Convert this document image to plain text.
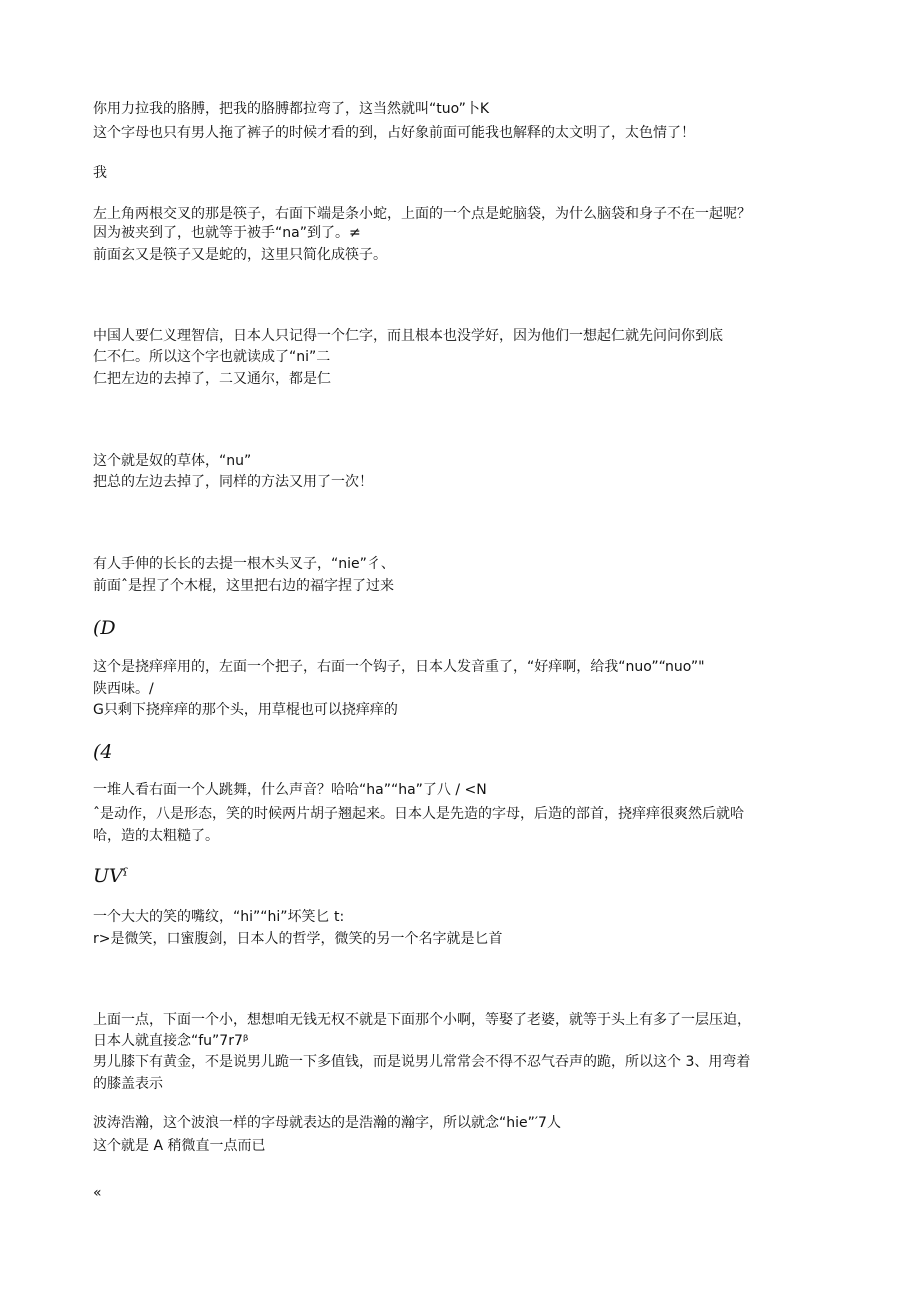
你用力拉我的胳膊，把我的胳膊都拉弯了，这当然就叫“tuo”卜K
这个字母也只有男人拖了裤子的时候才看的到，占好象前面可能我也解释的太文明了，太色情了！
我
左上角两根交叉的那是筷子，右面下端是条小蛇，上面的一个点是蛇脑袋，为什么脑袋和身子不在一起呢？
因为被夹到了，也就等于被手“na”到了。≠
前面玄又是筷子又是蛇的，这里只简化成筷子。
中国人要仁义理智信，日本人只记得一个仁字，而且根本也没学好，因为他们一想起仁就先问问你到底
仁不仁。所以这个字也就读成了“ni”二
仁把左边的去掉了，二又通尔，都是仁
这个就是奴的草体，“nu”
把总的左边去掉了，同样的方法又用了一次！
有人手伸的长长的去提一根木头叉子，“nie”彳、
前面ˆ是捏了个木棍，这里把右边的福字捏了过来
(D
这个是挠痒痒用的，左面一个把子，右面一个钩子，日本人发音重了，“好痒啊，给我“nuo”“nuo”"
陕西味。/
G只剩下挠痒痒的那个头，用草棍也可以挠痒痒的
(4
一堆人看右面一个人跳舞，什么声音？哈哈“ha”“ha”了八 / <N
ˆ是动作，八是形态，笑的时候两片胡子翘起来。日本人是先造的字母，后造的部首，挠痒痒很爽然后就哈
哈，造的太粗糙了。
UVˁ
一个大大的笑的嘴纹，“hi”“hi”坏笑匕 t:
r>是微笑，口蜜腹剑，日本人的哲学，微笑的另一个名字就是匕首
上面一点，下面一个小，想想咱无钱无权不就是下面那个小啊，等娶了老婆，就等于头上有多了一层压迫，
日本人就直接念“fu”7r7ᵝ
男儿膝下有黄金，不是说男儿跪一下多值钱，而是说男儿常常会不得不忍气吞声的跪，所以这个 3、用弯着
的膝盖表示
波涛浩瀚，这个波浪一样的字母就表达的是浩瀚的瀚字，所以就念“hie”′7人
这个就是 A 稍微直一点而已
«
